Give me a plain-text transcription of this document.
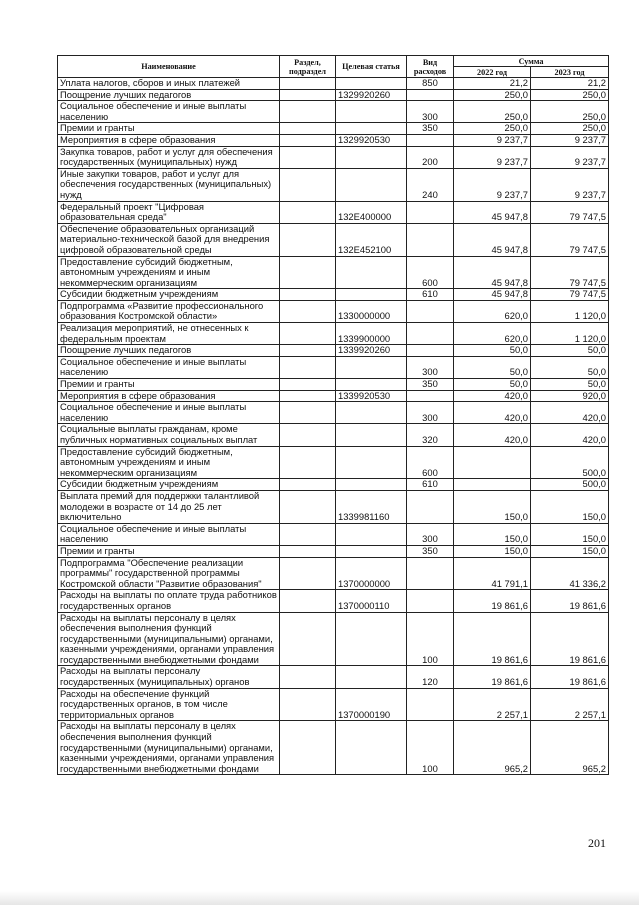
Наименование	Раздел, подраздел	Целевая статья	Вид расходов	Сумма	
				2022 год	2023 год
Уплата налогов, сборов и иных платежей			850	21,2	21,2
Поощрение лучших педагогов		1329920260		250,0	250,0
Социальное обеспечение и иные выплаты населению			300	250,0	250,0
Премии и гранты			350	250,0	250,0
Мероприятия в сфере образования		1329920530		9 237,7	9 237,7
Закупка товаров, работ и услуг для обеспечения государственных (муниципальных) нужд			200	9 237,7	9 237,7
Иные закупки товаров, работ и услуг для обеспечения государственных (муниципальных) нужд			240	9 237,7	9 237,7
Федеральный проект "Цифровая образовательная среда"		132E400000		45 947,8	79 747,5
Обеспечение образовательных организаций материально-технической базой для внедрения цифровой образовательной среды		132E452100		45 947,8	79 747,5
Предоставление субсидий бюджетным, автономным учреждениям и иным некоммерческим организациям			600	45 947,8	79 747,5
Субсидии бюджетным учреждениям			610	45 947,8	79 747,5
Подпрограмма «Развитие профессионального образования Костромской области»		1330000000		620,0	1 120,0
Реализация мероприятий, не отнесенных к федеральным проектам		1339900000		620,0	1 120,0
Поощрение лучших педагогов		1339920260		50,0	50,0
Социальное обеспечение и иные выплаты населению			300	50,0	50,0
Премии и гранты			350	50,0	50,0
Мероприятия в сфере образования		1339920530		420,0	920,0
Социальное обеспечение и иные выплаты населению			300	420,0	420,0
Социальные выплаты гражданам, кроме публичных нормативных социальных выплат			320	420,0	420,0
Предоставление субсидий бюджетным, автономным учреждениям и иным некоммерческим организациям			600		500,0
Субсидии бюджетным учреждениям			610		500,0
Выплата премий для поддержки талантливой молодежи в возрасте от 14 до 25 лет включительно		1339981160		150,0	150,0
Социальное обеспечение и иные выплаты населению			300	150,0	150,0
Премии и гранты			350	150,0	150,0
Подпрограмма "Обеспечение реализации программы" государственной программы Костромской области "Развитие образования"		1370000000		41 791,1	41 336,2
Расходы на выплаты по оплате труда работников государственных органов		1370000110		19 861,6	19 861,6
Расходы на выплаты персоналу в целях обеспечения выполнения функций государственными (муниципальными) органами, казенными учреждениями, органами управления государственными внебюджетными фондами			100	19 861,6	19 861,6
Расходы на выплаты персоналу государственных (муниципальных) органов			120	19 861,6	19 861,6
Расходы на обеспечение функций государственных органов, в том числе территориальных органов		1370000190		2 257,1	2 257,1
Расходы на выплаты персоналу в целях обеспечения выполнения функций государственными (муниципальными) органами, казенными учреждениями, органами управления государственными внебюджетными фондами			100	965,2	965,2
201
